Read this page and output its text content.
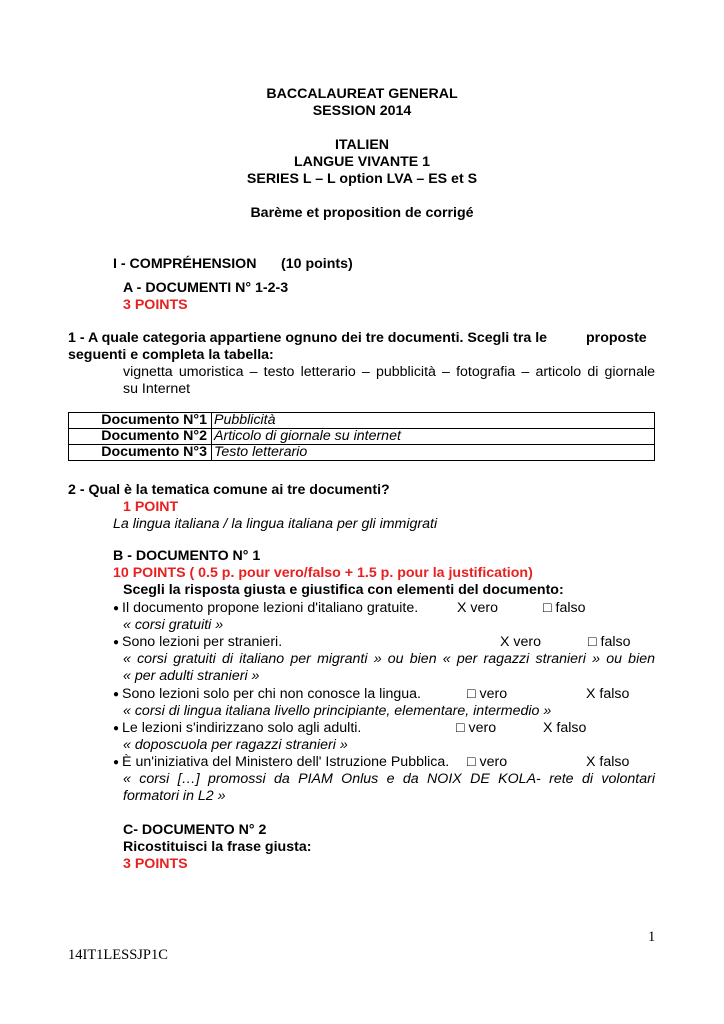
BACCALAUREAT GENERAL
SESSION 2014
ITALIEN
LANGUE VIVANTE 1
SERIES L – L option LVA – ES et S
Barème et proposition de corrigé
I - COMPRÉHENSION (10 points)
A - DOCUMENTI N° 1-2-3
3 POINTS
1 - A quale categoria appartiene ognuno dei tre documenti. Scegli tra le	proposte
seguenti e completa la tabella:
vignetta umoristica – testo letterario – pubblicità – fotografia – articolo di giornale
su Internet
Documento N°1	Pubblicità
Documento N°2	Articolo di giornale su internet
Documento N°3	Testo letterario
2 - Qual è la tematica comune ai tre documenti?
1 POINT
La lingua italiana / la lingua italiana per gli immigrati
B - DOCUMENTO N° 1
10 POINTS ( 0.5 p. pour vero/falso + 1.5 p. pour la justification)
Scegli la risposta giusta e giustifica con elementi del documento:
● Il documento propone lezioni d'italiano gratuite.	X vero	□ falso
« corsi gratuiti »
● Sono lezioni per stranieri.	X vero	□ falso
« corsi gratuiti di italiano per migranti » ou bien « per ragazzi stranieri » ou bien
« per adulti stranieri »
● Sono lezioni solo per chi non conosce la lingua.	□ vero	X falso
« corsi di lingua italiana livello principiante, elementare, intermedio »
● Le lezioni s'indirizzano solo agli adulti.	□ vero	X falso
« doposcuola per ragazzi stranieri »
● È un'iniziativa del Ministero dell' Istruzione Pubblica. □ vero	X falso
« corsi […] promossi da PIAM Onlus e da NOIX DE KOLA- rete di volontari
formatori in L2 »
C- DOCUMENTO N° 2
Ricostituisci la frase giusta:
3 POINTS
1
14IT1LESSJP1C
